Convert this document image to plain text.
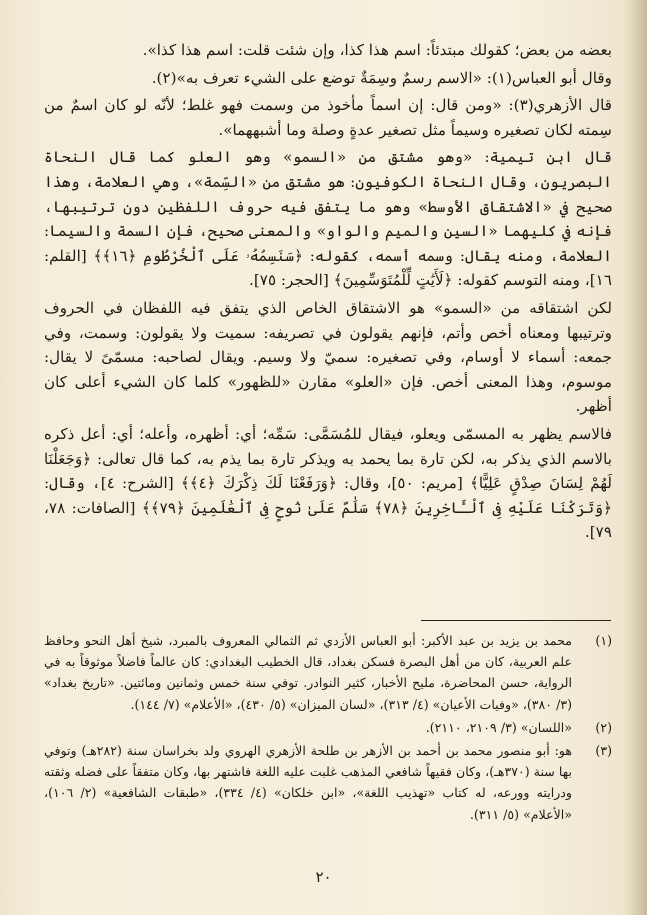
بعضه من بعض؛ كقولك مبتدئاً: اسم هذا كذا، وإن شئت قلت: اسم هذا كذا».

وقال أبو العباس(١): «الاسم رسمٌ وسِمَةٌ توضع على الشيء تعرف به»(٢).

قال الأزهري(٣): «ومن قال: إن اسماً مأخوذ من وسمت فهو غلط؛ لأنّه لو كان اسمٌ من سِمته لكان تصغيره وسيماً مثل تصغير عدةٍ وصلة وما أشبههما».

قال ابن تيمية: «وهو مشتق من «السمو» وهو العلو كما قال النحاة البصريون، وقال النحاة الكوفيون: هو مشتق من «السِّمة»، وهي العلامة، وهذا صحيح في «الاشتقاق الأوسط» وهو ما يتفق فيه حروف اللفظين دون ترتيبها، فإنه في كليهما «السين والميم والواو» والمعنى صحيح، فإن السمة والسيما: العلامة، ومنه يقال: وسمه أسمه، كقوله: ﴿سَنَسِمُهُۥ عَلَى ٱلْخُرْطُومِ ﴿١٦﴾﴾ [القلم: ١٦]، ومنه التوسم كقوله: ﴿لَأَيَٰتٍ لِّلْمُتَوَسِّمِينَ﴾ [الحجر: ٧٥].

لكن اشتقاقه من «السمو» هو الاشتقاق الخاص الذي يتفق فيه اللفظان في الحروف وترتيبها ومعناه أخص وأتم، فإنهم يقولون في تصريفه: سميت ولا يقولون: وسمت، وفي جمعه: أسماء لا أوسام، وفي تصغيره: سميّ ولا وسيم. ويقال لصاحبه: مسمّىً لا يقال: موسوم، وهذا المعنى أخص. فإن «العلو» مقارن «للظهور» كلما كان الشيء أعلى كان أظهر.

فالاسم يظهر به المسمّى ويعلو، فيقال للمُسَمَّى: سَمِّه؛ أي: أظهره، وأعله؛ أي: أعل ذكره بالاسم الذي يذكر به، لكن تارة بما يحمد به ويذكر تارة بما يذم به، كما قال تعالى: ﴿وَجَعَلْنَا لَهُمْ لِسَانَ صِدْقٍ عَلِيًّا﴾ [مريم: ٥٠]، وقال: ﴿وَرَفَعْنَا لَكَ ذِكْرَكَ ﴿٤﴾﴾ [الشرح: ٤]، وقال: ﴿وَتَرَكْنَا عَلَيْهِ فِى ٱلْـَٔاخِرِينَ ﴿٧٨﴾ سَلَٰمٌ عَلَىٰ نُوحٍ فِى ٱلْعَٰلَمِينَ ﴿٧٩﴾﴾ [الصافات: ٧٨، ٧٩].

(١)
محمد بن يزيد بن عبد الأكبر: أبو العباس الأزدي ثم الثمالي المعروف بالمبرد، شيخ أهل النحو وحافظ علم العربية، كان من أهل البصرة فسكن بغداد، قال الخطيب البغدادي: كان عالماً فاضلاً موثوقاً به في الرواية، حسن المحاضرة، مليح الأخبار، كثير النوادر. توفي سنة خمس وثمانين ومائتين. «تاريخ بغداد» (٣/ ٣٨٠)، «وفيات الأعيان» (٤/ ٣١٣)، «لسان الميزان» (٥/ ٤٣٠)، «الأعلام» (٧/ ١٤٤).
(٢)
«اللسان» (٣/ ٢١٠٩، ٢١١٠).
(٣)
هو: أبو منصور محمد بن أحمد بن الأزهر بن طلحة الأزهري الهروي ولد بخراسان سنة (٢٨٢هـ) وتوفي بها سنة (٣٧٠هـ)، وكان فقيهاً شافعي المذهب غلبت عليه اللغة فاشتهر بها، وكان متفقاً على فضله وثقته ودرايته وورعه، له كتاب «تهذيب اللغة»، «ابن خلكان» (٤/ ٣٣٤)، «طبقات الشافعية» (٢/ ١٠٦)، «الأعلام» (٥/ ٣١١).
٢٠
